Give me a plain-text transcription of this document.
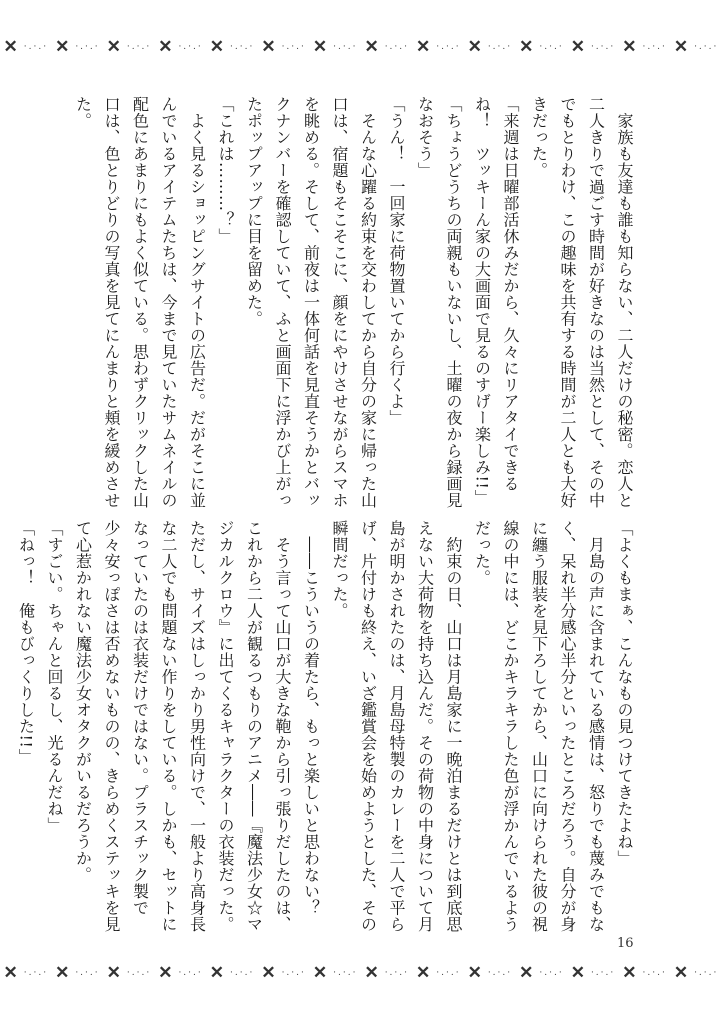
✕ ·.·.· ✕ ·.·.· ✕ ·.·.· ✕ ·.·.· ✕ ·.·.· ✕ ·.·.· ✕ ·.·.· ✕ ·.·.· ✕ ·.·.· ✕ ·.·.· ✕ ·.·.· ✕ ·.·.· ✕ ·.·.· ✕ ·.·.·

　家族も友達も誰も知らない、二人だけの秘密。恋人と

二人きりで過ごす時間が好きなのは当然として、その中

でもとりわけ、この趣味を共有する時間が二人とも大好

きだった。

「来週は日曜部活休みだから、久々にリアタイできる

ね！　ツッキーん家の大画面で見るのすげー楽しみ!!」

「ちょうどうちの両親もいないし、土曜の夜から録画見

なおそう」

「うん！　一回家に荷物置いてから行くよ」

　そんな心躍る約束を交わしてから自分の家に帰った山

口は、宿題もそこそこに、顔をにやけさせながらスマホ

を眺める。そして、前夜は一体何話を見直そうかとバッ

クナンバーを確認していて、ふと画面下に浮かび上がっ

たポップアップに目を留めた。

「これは………？」

　よく見るショッピングサイトの広告だ。だがそこに並

んでいるアイテムたちは、今まで見ていたサムネイルの

配色にあまりにもよく似ている。思わずクリックした山

口は、色とりどりの写真を見てにんまりと頬を緩めさせ

た。

「よくもまぁ、こんなもの見つけてきたよね」

　月島の声に含まれている感情は、怒りでも蔑みでもな

く、呆れ半分感心半分といったところだろう。自分が身

に纏う服装を見下ろしてから、山口に向けられた彼の視

線の中には、どこかキラキラした色が浮かんでいるよう

だった。

　約束の日、山口は月島家に一晩泊まるだけとは到底思

えない大荷物を持ち込んだ。その荷物の中身について月

島が明かされたのは、月島母特製のカレーを二人で平ら

げ、片付けも終え、いざ鑑賞会を始めようとした、その

瞬間だった。

　――こういうの着たら、もっと楽しいと思わない？

　そう言って山口が大きな鞄から引っ張りだしたのは、

これから二人が観るつもりのアニメ――『魔法少女☆マ

ジカルクロウ』に出てくるキャラクターの衣装だった。

ただし、サイズはしっかり男性向けで、一般より高身長

な二人でも問題ない作りをしている。しかも、セットに

なっていたのは衣装だけではない。プラスチック製で

少々安っぽさは否めないものの、きらめくステッキを見

て心惹かれない魔法少女オタクがいるだろうか。

「すごい。ちゃんと回るし、光るんだね」

「ねっ！　俺もびっくりした!!」

16
✕ ·.·.· ✕ ·.·.· ✕ ·.·.· ✕ ·.·.· ✕ ·.·.· ✕ ·.·.· ✕ ·.·.· ✕ ·.·.· ✕ ·.·.· ✕ ·.·.· ✕ ·.·.· ✕ ·.·.· ✕ ·.·.· ✕ ·.·.·
